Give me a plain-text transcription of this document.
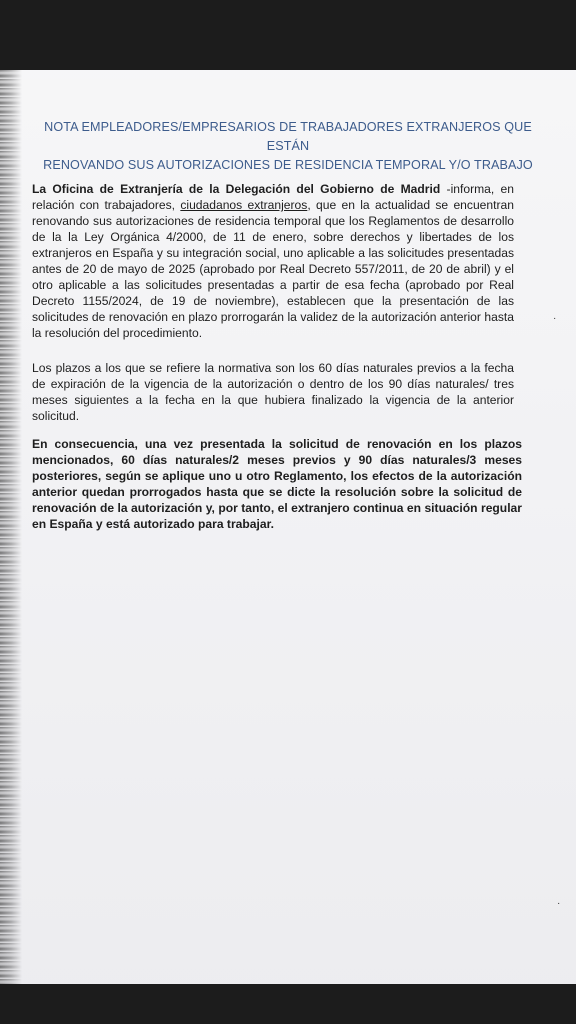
NOTA EMPLEADORES/EMPRESARIOS DE TRABAJADORES EXTRANJEROS QUE ESTÁN
RENOVANDO SUS AUTORIZACIONES DE RESIDENCIA TEMPORAL Y/O TRABAJO
La Oficina de Extranjería de la Delegación del Gobierno de Madrid -informa, en relación con trabajadores, ciudadanos extranjeros, que en la actualidad se encuentran renovando sus autorizaciones de residencia temporal que los Reglamentos de desarrollo de la la Ley Orgánica 4/2000, de 11 de enero, sobre derechos y libertades de los extranjeros en España y su integración social, uno aplicable a las solicitudes presentadas antes de 20 de mayo de 2025 (aprobado por Real Decreto 557/2011, de 20 de abril) y el otro aplicable a las solicitudes presentadas a partir de esa fecha (aprobado por Real Decreto 1155/2024, de 19 de noviembre), establecen que la presentación de las solicitudes de renovación en plazo prorrogarán la validez de la autorización anterior hasta la resolución del procedimiento.
Los plazos a los que se refiere la normativa son los 60 días naturales previos a la fecha de expiración de la vigencia de la autorización o dentro de los 90 días naturales/ tres meses siguientes a la fecha en la que hubiera finalizado la vigencia de la anterior solicitud.
En consecuencia, una vez presentada la solicitud de renovación en los plazos mencionados, 60 días naturales/2 meses previos y 90 días naturales/3 meses posteriores, según se aplique uno u otro Reglamento, los efectos de la autorización anterior quedan prorrogados hasta que se dicte la resolución sobre la solicitud de renovación de la autorización y, por tanto, el extranjero continua en situación regular en España y está autorizado para trabajar.
·
·
